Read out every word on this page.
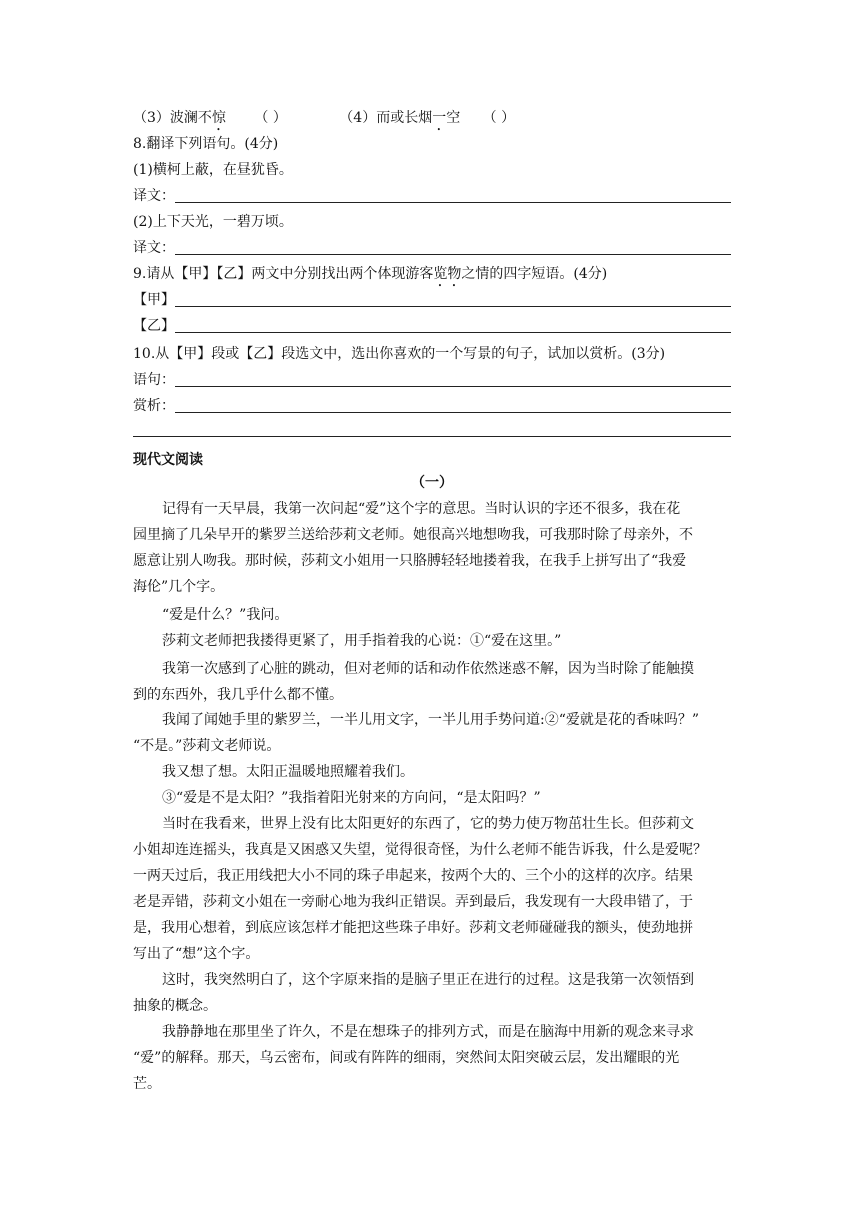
（3）波澜不惊 （ ）	（4）而或长烟一空 （ ）
8.翻译下列语句。(4分)
(1)横柯上蔽，在昼犹昏。
译文：
(2)上下天光，一碧万顷。
译文：
9.请从【甲】【乙】两文中分别找出两个体现游客览物之情的四字短语。(4分)
【甲】
【乙】
10.从【甲】段或【乙】段选文中，选出你喜欢的一个写景的句子，试加以赏析。(3分)
语句：
赏析：
现代文阅读
（一）
记得有一天早晨，我第一次问起“爱”这个字的意思。当时认识的字还不很多，我在花
园里摘了几朵早开的紫罗兰送给莎莉文老师。她很高兴地想吻我，可我那时除了母亲外，不
愿意让别人吻我。那时候，莎莉文小姐用一只胳膊轻轻地搂着我，在我手上拼写出了“我爱
海伦”几个字。
“爱是什么？”我问。
莎莉文老师把我搂得更紧了，用手指着我的心说：①“爱在这里。”
我第一次感到了心脏的跳动，但对老师的话和动作依然迷惑不解，因为当时除了能触摸
到的东西外，我几乎什么都不懂。
我闻了闻她手里的紫罗兰，一半儿用文字，一半儿用手势问道:②“爱就是花的香味吗？”
“不是。”莎莉文老师说。
我又想了想。太阳正温暖地照耀着我们。
③“爱是不是太阳？”我指着阳光射来的方向问，“是太阳吗？”
当时在我看来，世界上没有比太阳更好的东西了，它的势力使万物茁壮生长。但莎莉文
小姐却连连摇头，我真是又困惑又失望，觉得很奇怪，为什么老师不能告诉我，什么是爱呢？
一两天过后，我正用线把大小不同的珠子串起来，按两个大的、三个小的这样的次序。结果
老是弄错，莎莉文小姐在一旁耐心地为我纠正错误。弄到最后，我发现有一大段串错了，于
是，我用心想着，到底应该怎样才能把这些珠子串好。莎莉文老师碰碰我的额头，使劲地拼
写出了“想”这个字。
这时，我突然明白了，这个字原来指的是脑子里正在进行的过程。这是我第一次领悟到
抽象的概念。
我静静地在那里坐了许久，不是在想珠子的排列方式，而是在脑海中用新的观念来寻求
“爱”的解释。那天，乌云密布，间或有阵阵的细雨，突然间太阳突破云层，发出耀眼的光
芒。
